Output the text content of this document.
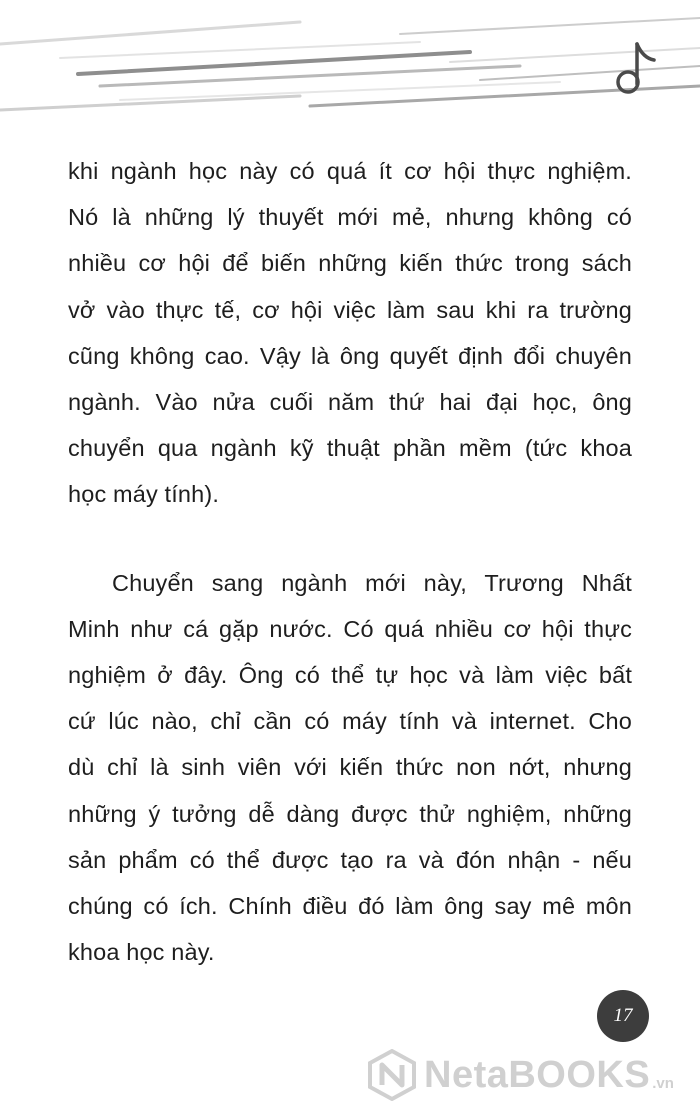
khi ngành học này có quá ít cơ hội thực nghiệm.
Nó là những lý thuyết mới mẻ, nhưng không có
nhiều cơ hội để biến những kiến thức trong sách
vở vào thực tế, cơ hội việc làm sau khi ra trường
cũng không cao. Vậy là ông quyết định đổi chuyên
ngành. Vào nửa cuối năm thứ hai đại học, ông
chuyển qua ngành kỹ thuật phần mềm (tức khoa
học máy tính).
Chuyển sang ngành mới này, Trương Nhất
Minh như cá gặp nước. Có quá nhiều cơ hội thực
nghiệm ở đây. Ông có thể tự học và làm việc bất
cứ lúc nào, chỉ cần có máy tính và internet. Cho
dù chỉ là sinh viên với kiến thức non nớt, nhưng
những ý tưởng dễ dàng được thử nghiệm, những
sản phẩm có thể được tạo ra và đón nhận - nếu
chúng có ích. Chính điều đó làm ông say mê môn
khoa học này.
17
NetaBOOKS .vn
